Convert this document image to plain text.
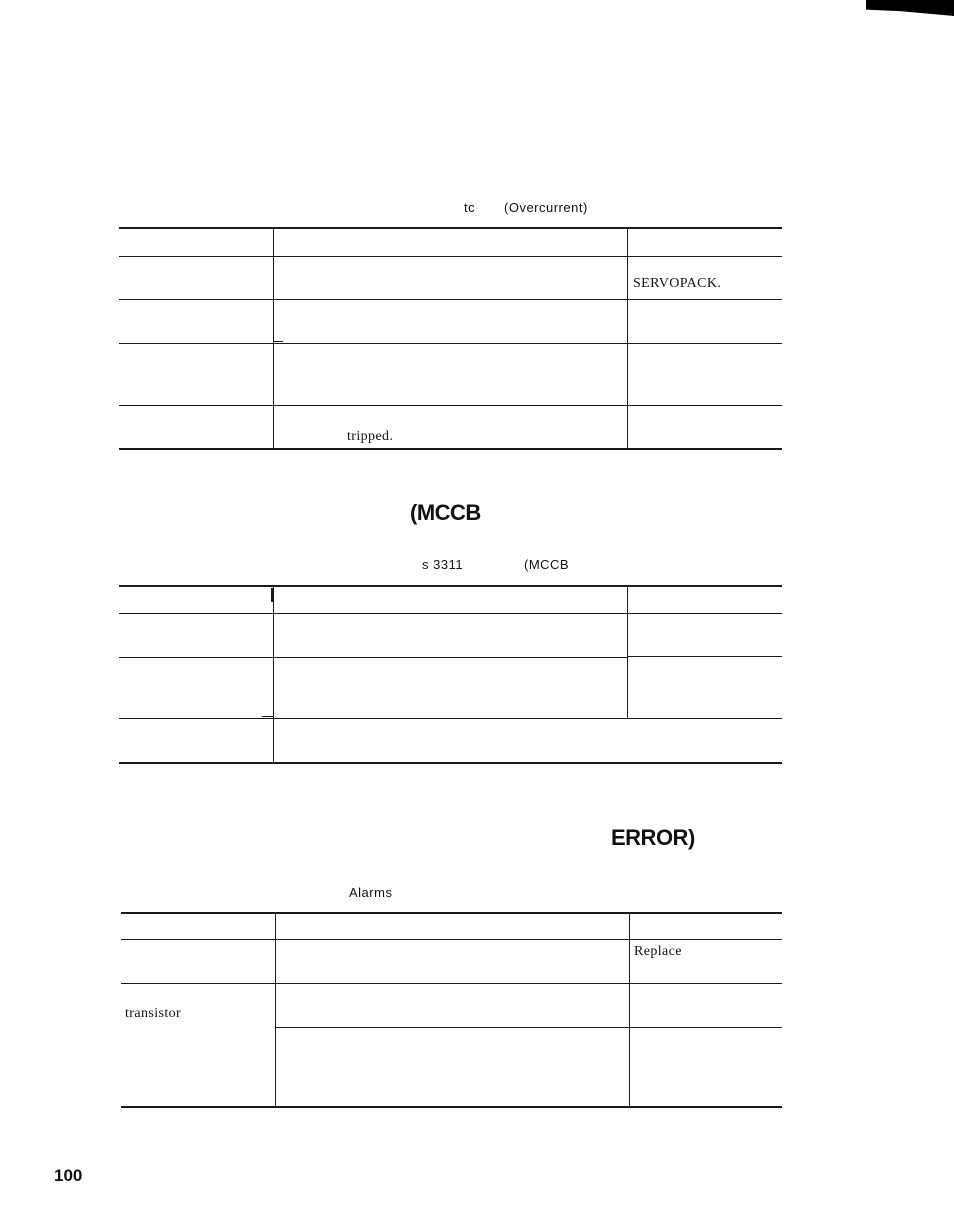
tc (Overcurrent)
SERVOPACK.
tripped.
(MCCB
s 3311	(MCCB
ERROR)
Alarms
Replace
transistor
100
